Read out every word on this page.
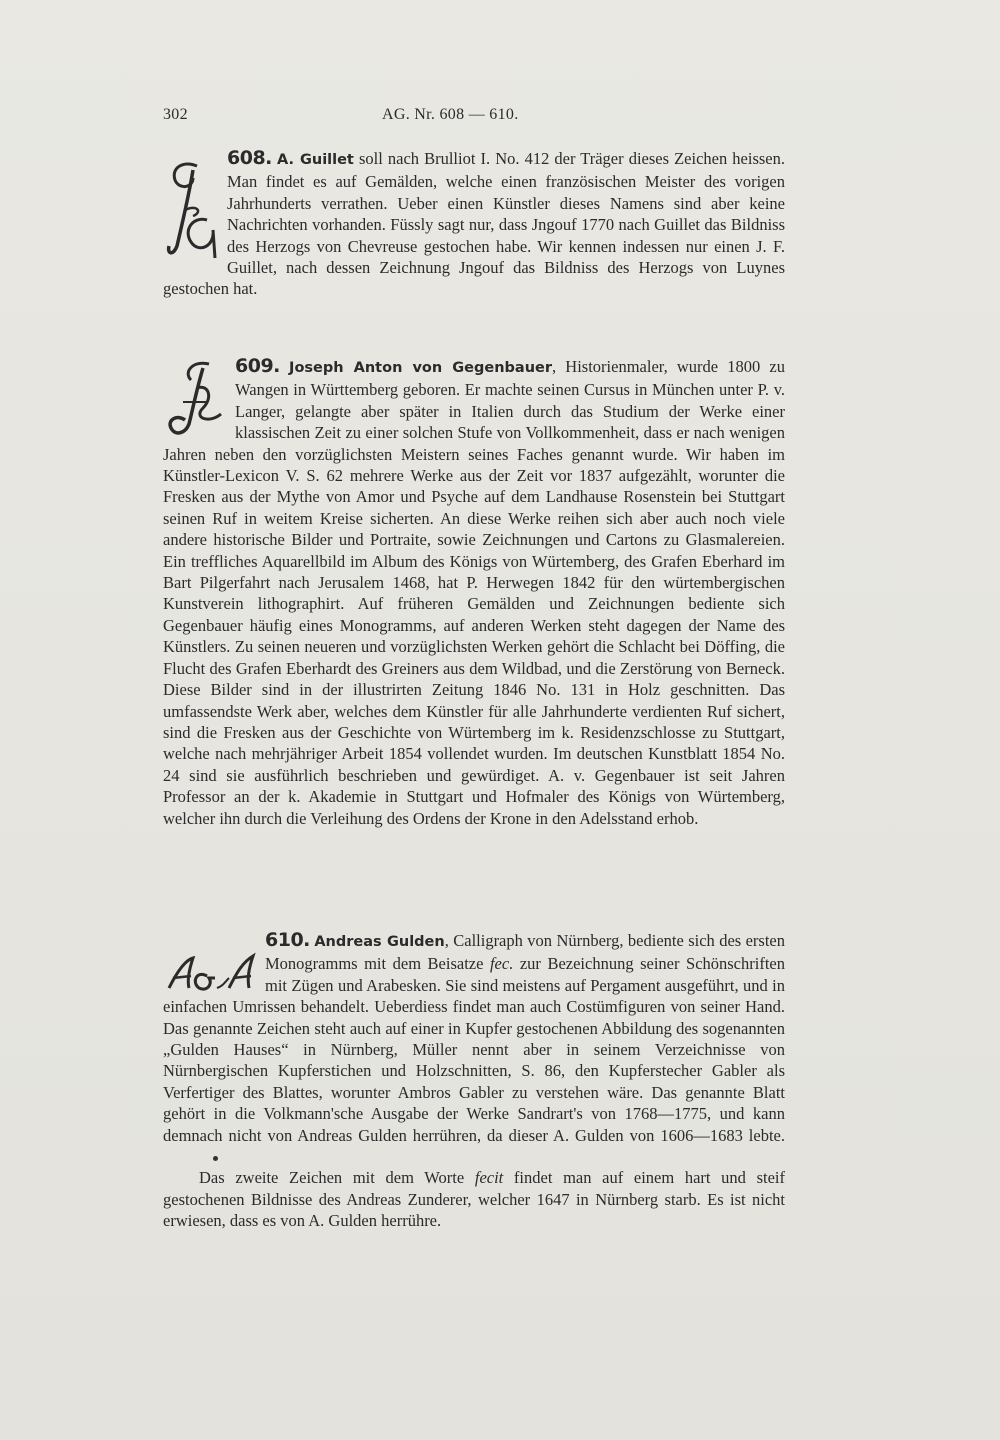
302	AG. Nr. 608 — 610.

608. A. Guillet soll nach Brulliot I. No. 412 der Träger dieses Zeichen heissen. Man findet es auf Gemälden, welche einen französischen Meister des vorigen Jahrhunderts verrathen. Ueber einen Künstler dieses Namens sind aber keine Nachrichten vorhanden. Füssly sagt nur, dass Jngouf 1770 nach Guillet das Bildniss des Herzogs von Chevreuse gestochen habe. Wir kennen indessen nur einen J. F. Guillet, nach dessen Zeichnung Jngouf das Bildniss des Herzogs von Luynes gestochen hat.

609. Joseph Anton von Gegenbauer, Historienmaler, wurde 1800 zu Wangen in Württemberg geboren. Er machte seinen Cursus in München unter P. v. Langer, gelangte aber später in Italien durch das Studium der Werke einer klassischen Zeit zu einer solchen Stufe von Vollkommenheit, dass er nach wenigen Jahren neben den vorzüglichsten Meistern seines Faches genannt wurde. Wir haben im Künstler-Lexicon V. S. 62 mehrere Werke aus der Zeit vor 1837 aufgezählt, worunter die Fresken aus der Mythe von Amor und Psyche auf dem Landhause Rosenstein bei Stuttgart seinen Ruf in weitem Kreise sicherten. An diese Werke reihen sich aber auch noch viele andere historische Bilder und Portraite, sowie Zeichnungen und Cartons zu Glasmalereien. Ein treffliches Aquarellbild im Album des Königs von Würtemberg, des Grafen Eberhard im Bart Pilgerfahrt nach Jerusalem 1468, hat P. Herwegen 1842 für den würtembergischen Kunstverein lithographirt. Auf früheren Gemälden und Zeichnungen bediente sich Gegenbauer häufig eines Monogramms, auf anderen Werken steht dagegen der Name des Künstlers. Zu seinen neueren und vorzüglichsten Werken gehört die Schlacht bei Döffing, die Flucht des Grafen Eberhardt des Greiners aus dem Wildbad, und die Zerstörung von Berneck. Diese Bilder sind in der illustrirten Zeitung 1846 No. 131 in Holz geschnitten. Das umfassendste Werk aber, welches dem Künstler für alle Jahrhunderte verdienten Ruf sichert, sind die Fresken aus der Geschichte von Würtemberg im k. Residenzschlosse zu Stuttgart, welche nach mehrjähriger Arbeit 1854 vollendet wurden. Im deutschen Kunstblatt 1854 No. 24 sind sie ausführlich beschrieben und gewürdiget. A. v. Gegenbauer ist seit Jahren Professor an der k. Akademie in Stuttgart und Hofmaler des Königs von Würtemberg, welcher ihn durch die Verleihung des Ordens der Krone in den Adelsstand erhob.

610. Andreas Gulden, Calligraph von Nürnberg, bediente sich des ersten Monogramms mit dem Beisatze fec. zur Bezeichnung seiner Schönschriften mit Zügen und Arabesken. Sie sind meistens auf Pergament ausgeführt, und in einfachen Umrissen behandelt. Ueberdiess findet man auch Costümfiguren von seiner Hand. Das genannte Zeichen steht auch auf einer in Kupfer gestochenen Abbildung des sogenannten „Gulden Hauses“ in Nürnberg, Müller nennt aber in seinem Verzeichnisse von Nürnbergischen Kupferstichen und Holzschnitten, S. 86, den Kupferstecher Gabler als Verfertiger des Blattes, worunter Ambros Gabler zu verstehen wäre. Das genannte Blatt gehört in die Volkmann'sche Ausgabe der Werke Sandrart's von 1768—1775, und kann demnach nicht von Andreas Gulden herrühren, da dieser A. Gulden von 1606—1683 lebte.

Das zweite Zeichen mit dem Worte fecit findet man auf einem hart und steif gestochenen Bildnisse des Andreas Zunderer, welcher 1647 in Nürnberg starb. Es ist nicht erwiesen, dass es von A. Gulden herrühre.
